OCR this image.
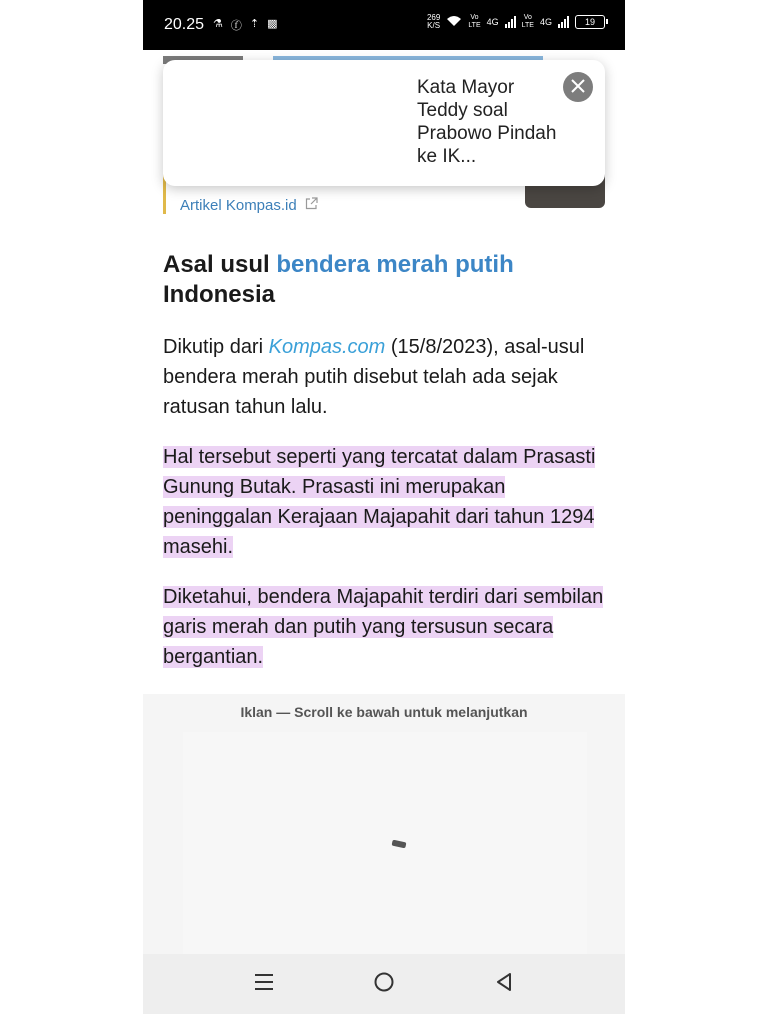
20.25 ⚗ ⓕ ⇡ ▩
269
K/S
Vo
LTE 4G	Vo
LTE 4G	19
Artikel Kompas.id
Asal usul bendera merah putih
Indonesia

Dikutip dari Kompas.com (15/8/2023), asal-usul bendera merah putih disebut telah ada sejak ratusan tahun lalu.

Hal tersebut seperti yang tercatat dalam Prasasti Gunung Butak. Prasasti ini merupakan peninggalan Kerajaan Majapahit dari tahun 1294 masehi.

Diketahui, bendera Majapahit terdiri dari sembilan garis merah dan putih yang tersusun secara bergantian.

Iklan — Scroll ke bawah untuk melanjutkan
Kata Mayor Teddy soal Prabowo Pindah ke IK...
